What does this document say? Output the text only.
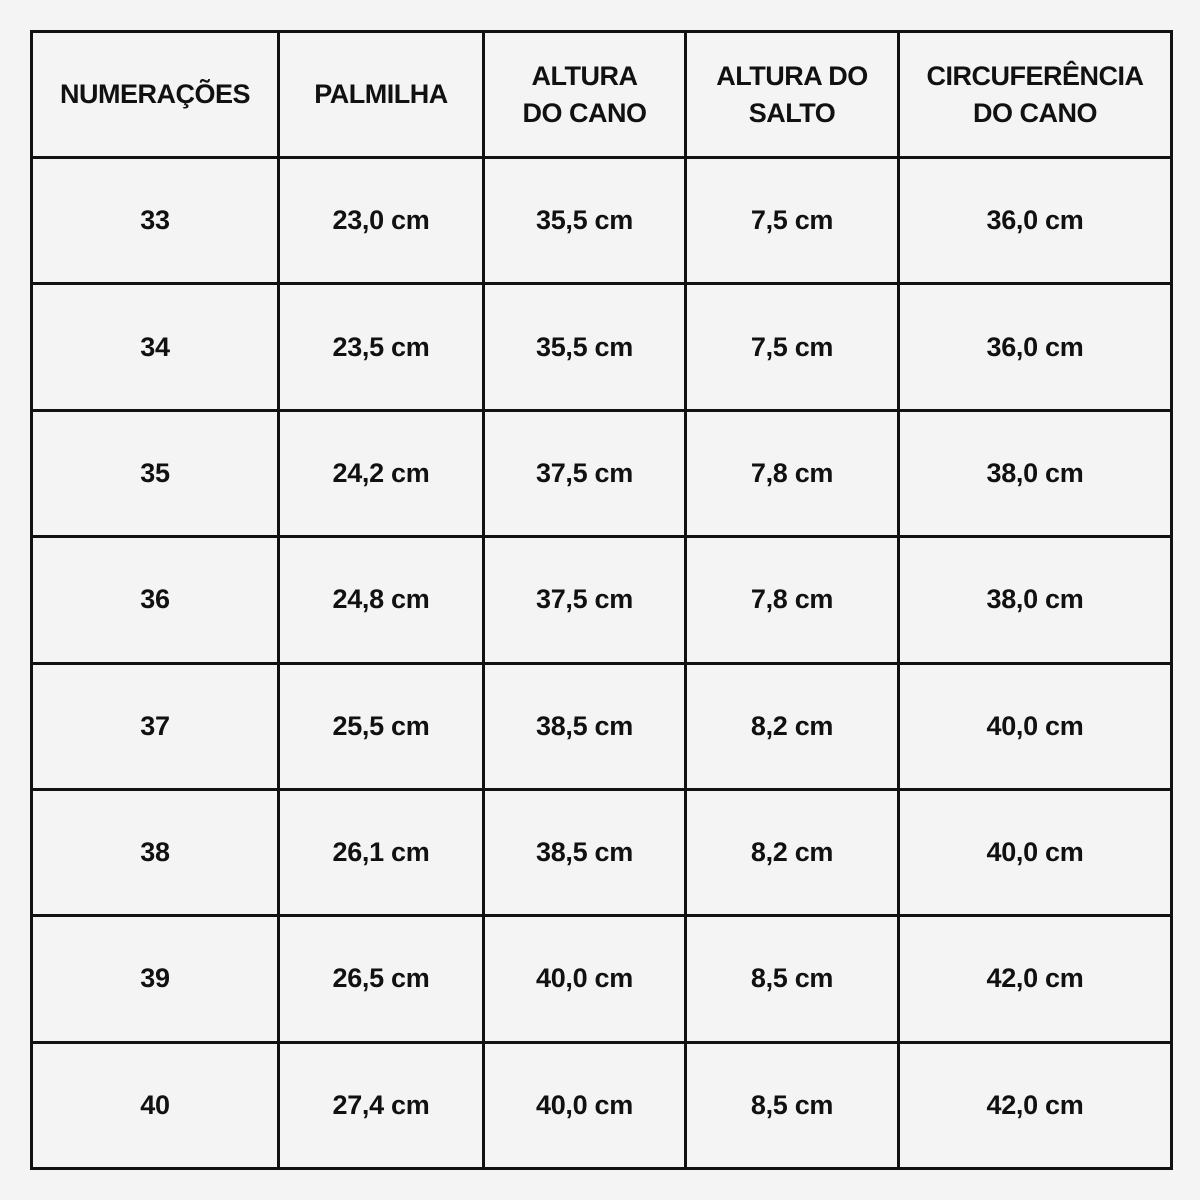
NUMERAÇÕES	PALMILHA	ALTURA DO CANO	ALTURA DO SALTO	CIRCUFERÊNCIA DO CANO
33	23,0 cm	35,5 cm	7,5 cm	36,0 cm
34	23,5 cm	35,5 cm	7,5 cm	36,0 cm
35	24,2 cm	37,5 cm	7,8 cm	38,0 cm
36	24,8 cm	37,5 cm	7,8 cm	38,0 cm
37	25,5 cm	38,5 cm	8,2 cm	40,0 cm
38	26,1 cm	38,5 cm	8,2 cm	40,0 cm
39	26,5 cm	40,0 cm	8,5 cm	42,0 cm
40	27,4 cm	40,0 cm	8,5 cm	42,0 cm
